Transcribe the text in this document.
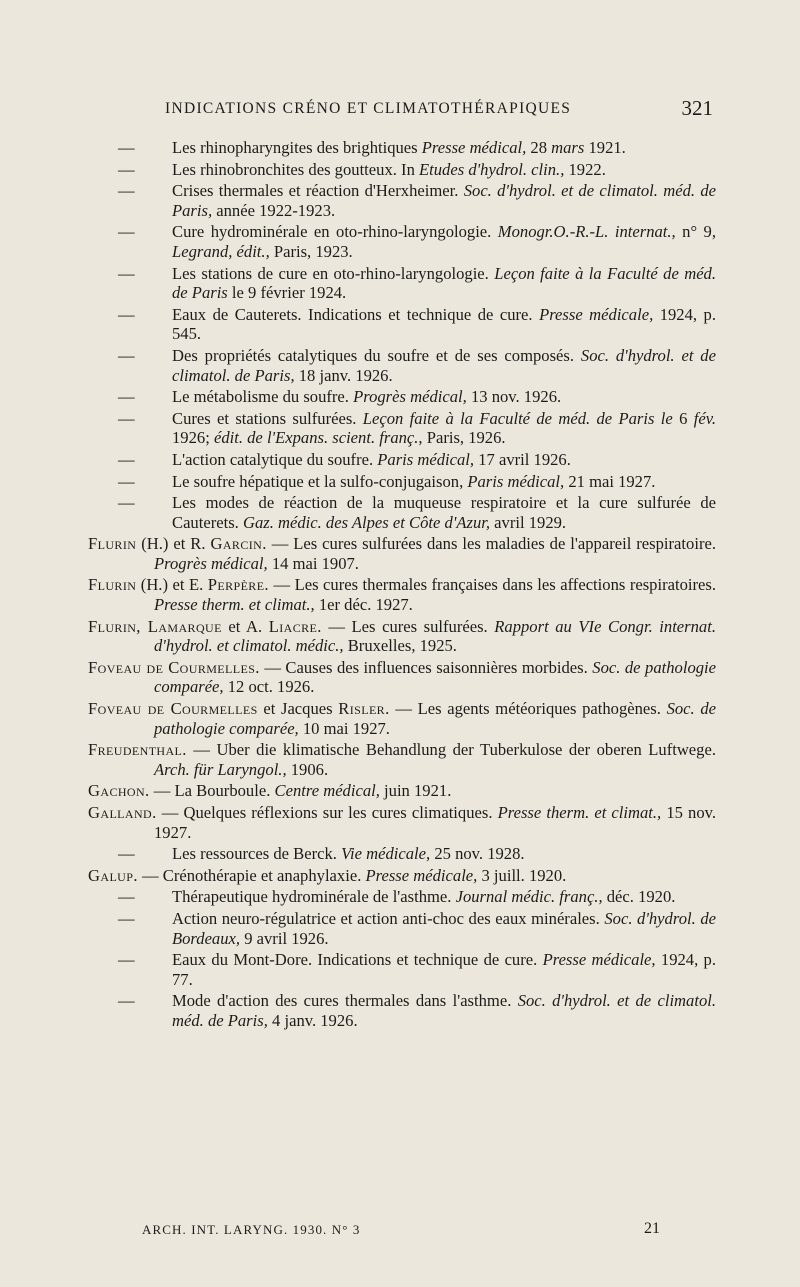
INDICATIONS CRÉNO ET CLIMATOTHÉRAPIQUES	321
— Les rhinopharyngites des brightiques Presse médical, 28 mars 1921.
— Les rhinobronchites des goutteux. In Etudes d'hydrol. clin., 1922.
— Crises thermales et réaction d'Herxheimer. Soc. d'hydrol. et de climatol. méd. de Paris, année 1922-1923.
— Cure hydrominérale en oto-rhino-laryngologie. Monogr.O.-R.-L. internat., n° 9, Legrand, édit., Paris, 1923.
— Les stations de cure en oto-rhino-laryngologie. Leçon faite à la Faculté de méd. de Paris le 9 février 1924.
— Eaux de Cauterets. Indications et technique de cure. Presse médicale, 1924, p. 545.
— Des propriétés catalytiques du soufre et de ses composés. Soc. d'hydrol. et de climatol. de Paris, 18 janv. 1926.
— Le métabolisme du soufre. Progrès médical, 13 nov. 1926.
— Cures et stations sulfurées. Leçon faite à la Faculté de méd. de Paris le 6 fév. 1926; édit. de l'Expans. scient. franç., Paris, 1926.
— L'action catalytique du soufre. Paris médical, 17 avril 1926.
— Le soufre hépatique et la sulfo-conjugaison, Paris médical, 21 mai 1927.
— Les modes de réaction de la muqueuse respiratoire et la cure sulfurée de Cauterets. Gaz. médic. des Alpes et Côte d'Azur, avril 1929.
Flurin (H.) et R. Garcin. — Les cures sulfurées dans les maladies de l'appareil respiratoire. Progrès médical, 14 mai 1907.
Flurin (H.) et E. Perpère. — Les cures thermales françaises dans les affections respiratoires. Presse therm. et climat., 1er déc. 1927.
Flurin, Lamarque et A. Liacre. — Les cures sulfurées. Rapport au VIe Congr. internat. d'hydrol. et climatol. médic., Bruxelles, 1925.
Foveau de Courmelles. — Causes des influences saisonnières morbides. Soc. de pathologie comparée, 12 oct. 1926.
Foveau de Courmelles et Jacques Risler. — Les agents météoriques pathogènes. Soc. de pathologie comparée, 10 mai 1927.
Freudenthal. — Uber die klimatische Behandlung der Tuberkulose der oberen Luftwege. Arch. für Laryngol., 1906.
Gachon. — La Bourboule. Centre médical, juin 1921.
Galland. — Quelques réflexions sur les cures climatiques. Presse therm. et climat., 15 nov. 1927.
— Les ressources de Berck. Vie médicale, 25 nov. 1928.
Galup. — Crénothérapie et anaphylaxie. Presse médicale, 3 juill. 1920.
— Thérapeutique hydrominérale de l'asthme. Journal médic. franç., déc. 1920.
— Action neuro-régulatrice et action anti-choc des eaux minérales. Soc. d'hydrol. de Bordeaux, 9 avril 1926.
— Eaux du Mont-Dore. Indications et technique de cure. Presse médicale, 1924, p. 77.
— Mode d'action des cures thermales dans l'asthme. Soc. d'hydrol. et de climatol. méd. de Paris, 4 janv. 1926.
ARCH. INT. LARYNG. 1930. N° 3	21
